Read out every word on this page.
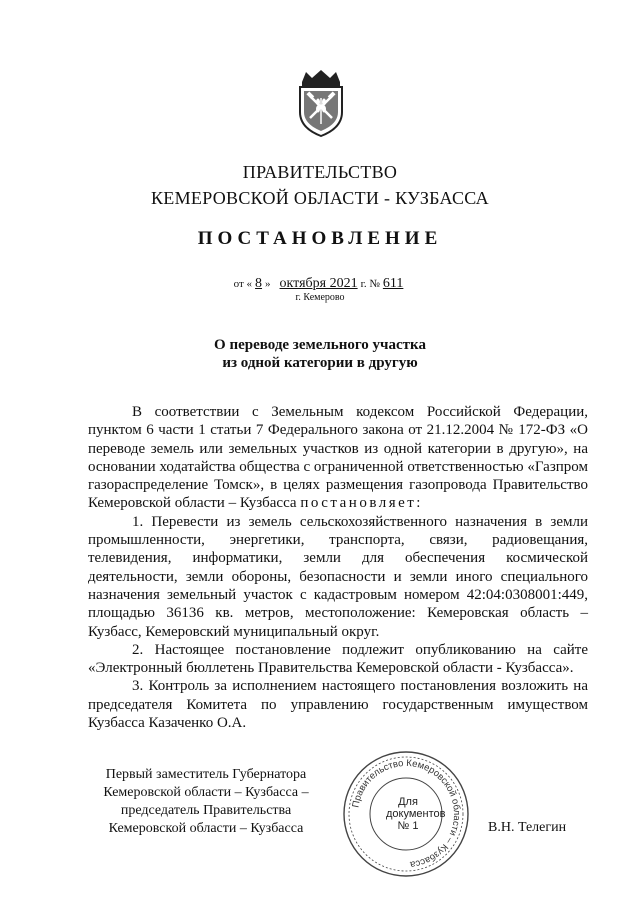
ПРАВИТЕЛЬСТВО
КЕМЕРОВСКОЙ ОБЛАСТИ - КУЗБАССА
ПОСТАНОВЛЕНИЕ
от « 8 » октября 2021 г. № 611
г. Кемерово
О переводе земельного участка
из одной категории в другую

В соответствии с Земельным кодексом Российской Федерации, пунктом 6 части 1 статьи 7 Федерального закона от 21.12.2004 № 172-ФЗ «О переводе земель или земельных участков из одной категории в другую», на основании ходатайства общества с ограниченной ответственностью «Газпром газораспределение Томск», в целях размещения газопровода Правительство Кемеровской области – Кузбасса постановляет:

1. Перевести из земель сельскохозяйственного назначения в земли промышленности, энергетики, транспорта, связи, радиовещания, телевидения, информатики, земли для обеспечения космической деятельности, земли обороны, безопасности и земли иного специального назначения земельный участок с кадастровым номером 42:04:0308001:449, площадью 36136 кв. метров, местоположение: Кемеровская область – Кузбасс, Кемеровский муниципальный округ.

2. Настоящее постановление подлежит опубликованию на сайте «Электронный бюллетень Правительства Кемеровской области - Кузбасса».

3. Контроль за исполнением настоящего постановления возложить на председателя Комитета по управлению государственным имуществом Кузбасса Казаченко О.А.

Первый заместитель Губернатора
Кемеровской области – Кузбасса –
председатель Правительства
Кемеровской области – Кузбасса
Правительство Кемеровской области – Кузбасса
Для
документов
№ 1	В.Н. Телегин
